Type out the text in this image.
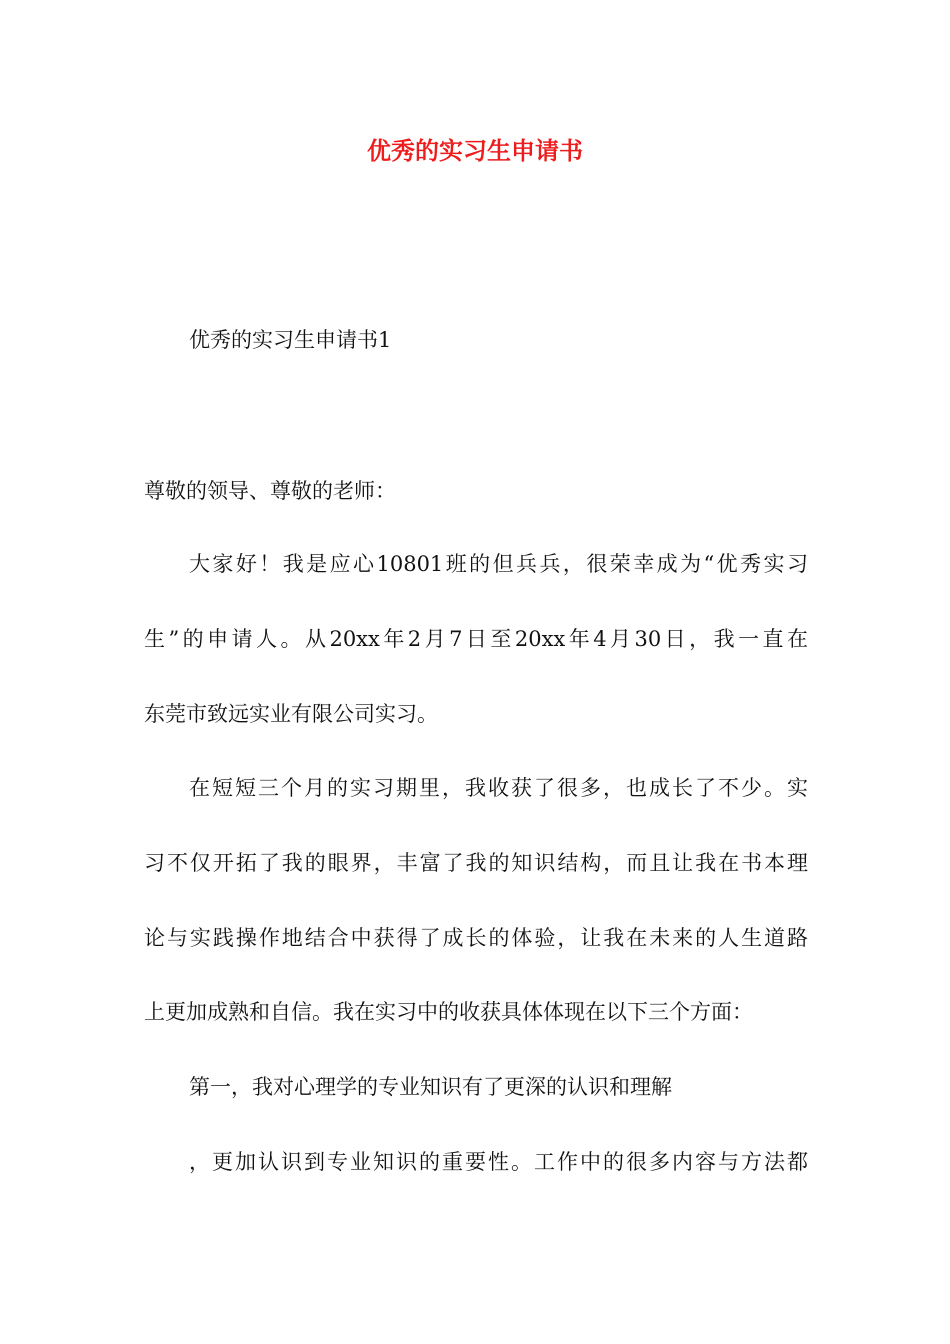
优秀的实习生申请书
优秀的实习生申请书1
尊敬的领导、尊敬的老师：
大家好！我是应心10801班的但兵兵，很荣幸成为“优秀实习
生”的申请人。从20xx年2月7日至20xx年4月30日，我一直在
东莞市致远实业有限公司实习。
在短短三个月的实习期里，我收获了很多，也成长了不少。实
习不仅开拓了我的眼界，丰富了我的知识结构，而且让我在书本理
论与实践操作地结合中获得了成长的体验，让我在未来的人生道路
上更加成熟和自信。我在实习中的收获具体体现在以下三个方面：
第一，我对心理学的专业知识有了更深的认识和理解
，更加认识到专业知识的重要性。工作中的很多内容与方法都
